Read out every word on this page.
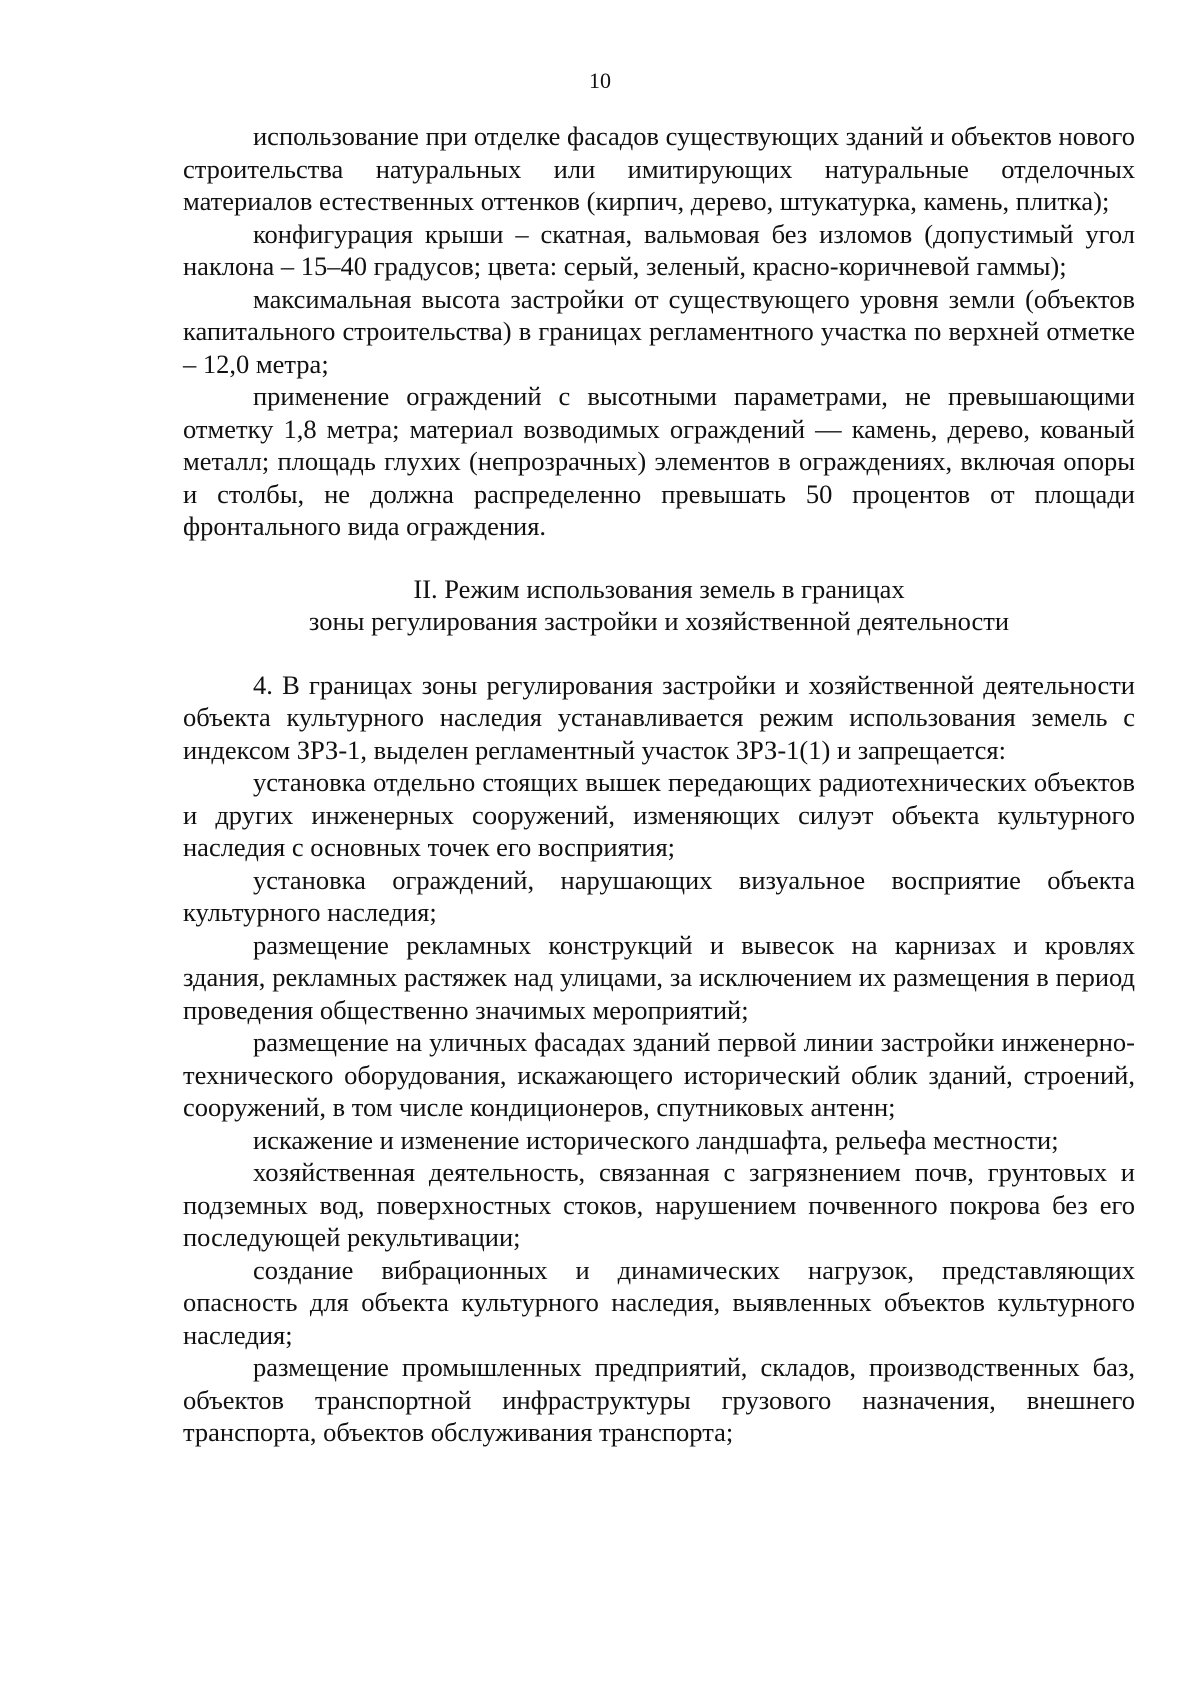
10

использование при отделке фасадов существующих зданий и объектов нового строительства натуральных или имитирующих натуральные отделочных материалов естественных оттенков (кирпич, дерево, штукатурка, камень, плитка);

конфигурация крыши – скатная, вальмовая без изломов (допустимый угол наклона – 15–40 градусов; цвета: серый, зеленый, красно-коричневой гаммы);

максимальная высота застройки от существующего уровня земли (объектов капитального строительства) в границах регламентного участка по верхней отметке – 12,0 метра;

применение ограждений с высотными параметрами, не превышающими отметку 1,8 метра; материал возводимых ограждений — камень, дерево, кованый металл; площадь глухих (непрозрачных) элементов в ограждениях, включая опоры и столбы, не должна распределенно превышать 50 процентов от площади фронтального вида ограждения.

II. Режим использования земель в границах
зоны регулирования застройки и хозяйственной деятельности

4. В границах зоны регулирования застройки и хозяйственной деятельности объекта культурного наследия устанавливается режим использования земель с индексом ЗРЗ-1, выделен регламентный участок ЗРЗ-1(1) и запрещается:

установка отдельно стоящих вышек передающих радиотехнических объектов и других инженерных сооружений, изменяющих силуэт объекта культурного наследия с основных точек его восприятия;

установка ограждений, нарушающих визуальное восприятие объекта культурного наследия;

размещение рекламных конструкций и вывесок на карнизах и кровлях здания, рекламных растяжек над улицами, за исключением их размещения в период проведения общественно значимых мероприятий;

размещение на уличных фасадах зданий первой линии застройки инженерно-технического оборудования, искажающего исторический облик зданий, строений, сооружений, в том числе кондиционеров, спутниковых антенн;

искажение и изменение исторического ландшафта, рельефа местности;

хозяйственная деятельность, связанная с загрязнением почв, грунтовых и подземных вод, поверхностных стоков, нарушением почвенного покрова без его последующей рекультивации;

создание вибрационных и динамических нагрузок, представляющих опасность для объекта культурного наследия, выявленных объектов культурного наследия;

размещение промышленных предприятий, складов, производственных баз, объектов транспортной инфраструктуры грузового назначения, внешнего транспорта, объектов обслуживания транспорта;
